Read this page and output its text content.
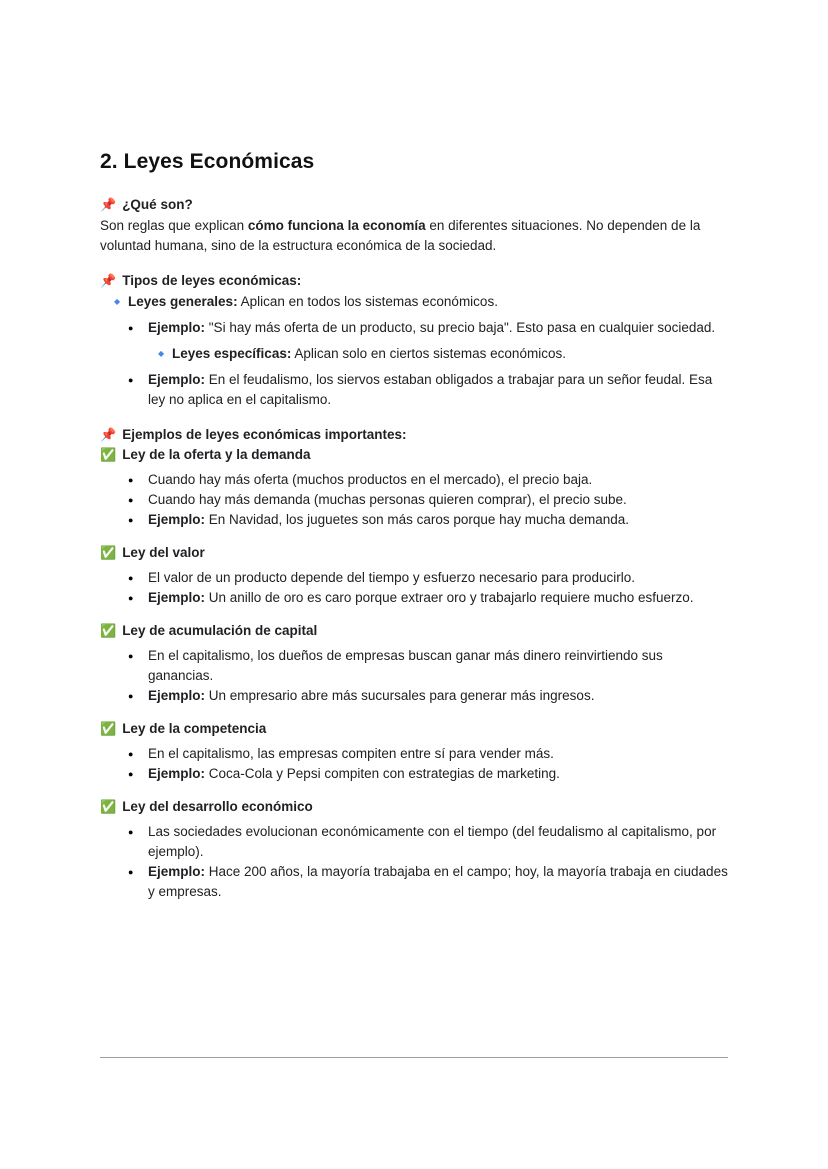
2. Leyes Económicas
📌 ¿Qué son?

Son reglas que explican cómo funciona la economía en diferentes situaciones. No dependen de la voluntad humana, sino de la estructura económica de la sociedad.

📌 Tipos de leyes económicas:
◆ Leyes generales: Aplican en todos los sistemas económicos.
● Ejemplo: "Si hay más oferta de un producto, su precio baja". Esto pasa en cualquier sociedad.
◆ Leyes específicas: Aplican solo en ciertos sistemas económicos.
● Ejemplo: En el feudalismo, los siervos estaban obligados a trabajar para un señor feudal. Esa ley no aplica en el capitalismo.
📌 Ejemplos de leyes económicas importantes:
✅ Ley de la oferta y la demanda
● Cuando hay más oferta (muchos productos en el mercado), el precio baja.
● Cuando hay más demanda (muchas personas quieren comprar), el precio sube.
● Ejemplo: En Navidad, los juguetes son más caros porque hay mucha demanda.
✅ Ley del valor
● El valor de un producto depende del tiempo y esfuerzo necesario para producirlo.
● Ejemplo: Un anillo de oro es caro porque extraer oro y trabajarlo requiere mucho esfuerzo.
✅ Ley de acumulación de capital
● En el capitalismo, los dueños de empresas buscan ganar más dinero reinvirtiendo sus ganancias.
● Ejemplo: Un empresario abre más sucursales para generar más ingresos.
✅ Ley de la competencia
● En el capitalismo, las empresas compiten entre sí para vender más.
● Ejemplo: Coca-Cola y Pepsi compiten con estrategias de marketing.
✅ Ley del desarrollo económico
● Las sociedades evolucionan económicamente con el tiempo (del feudalismo al capitalismo, por ejemplo).
● Ejemplo: Hace 200 años, la mayoría trabajaba en el campo; hoy, la mayoría trabaja en ciudades y empresas.
